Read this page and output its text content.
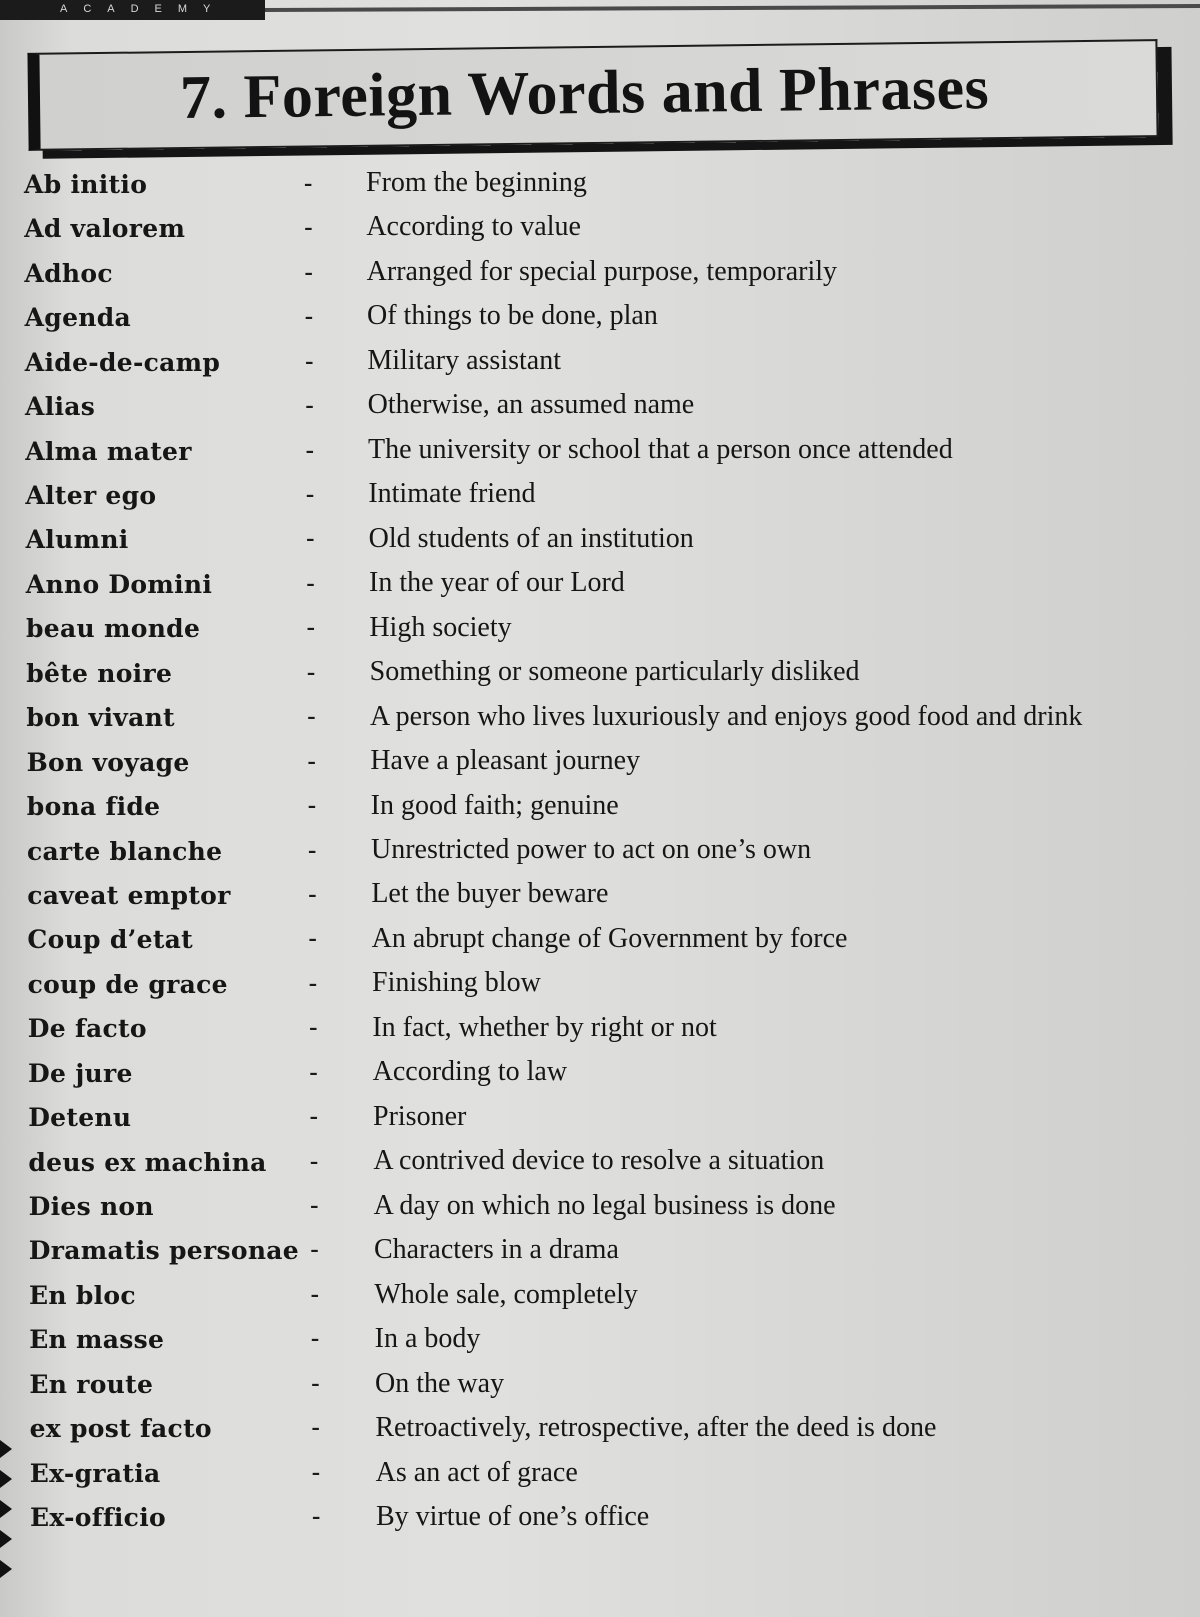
ACADEMY
7. Foreign Words and Phrases
Ab initio	- From the beginning
Ad valorem	- According to value
Adhoc	- Arranged for special purpose, temporarily
Agenda	- Of things to be done, plan
Aide-de-camp	- Military assistant
Alias	- Otherwise, an assumed name
Alma mater	- The university or school that a person once attended
Alter ego	- Intimate friend
Alumni	- Old students of an institution
Anno Domini	- In the year of our Lord
beau monde	- High society
bête noire	- Something or someone particularly disliked
bon vivant	- A person who lives luxuriously and enjoys good food and drink
Bon voyage	- Have a pleasant journey
bona fide	- In good faith; genuine
carte blanche	- Unrestricted power to act on one’s own
caveat emptor	- Let the buyer beware
Coup d’etat	- An abrupt change of Government by force
coup de grace	- Finishing blow
De facto	- In fact, whether by right or not
De jure	- According to law
Detenu	- Prisoner
deus ex machina - A contrived device to resolve a situation
Dies non	- A day on which no legal business is done
Dramatis personae - Characters in a drama
En bloc	- Whole sale, completely
En masse	- In a body
En route	- On the way
ex post facto	- Retroactively, retrospective, after the deed is done
Ex-gratia	- As an act of grace
Ex-officio	- By virtue of one’s office
